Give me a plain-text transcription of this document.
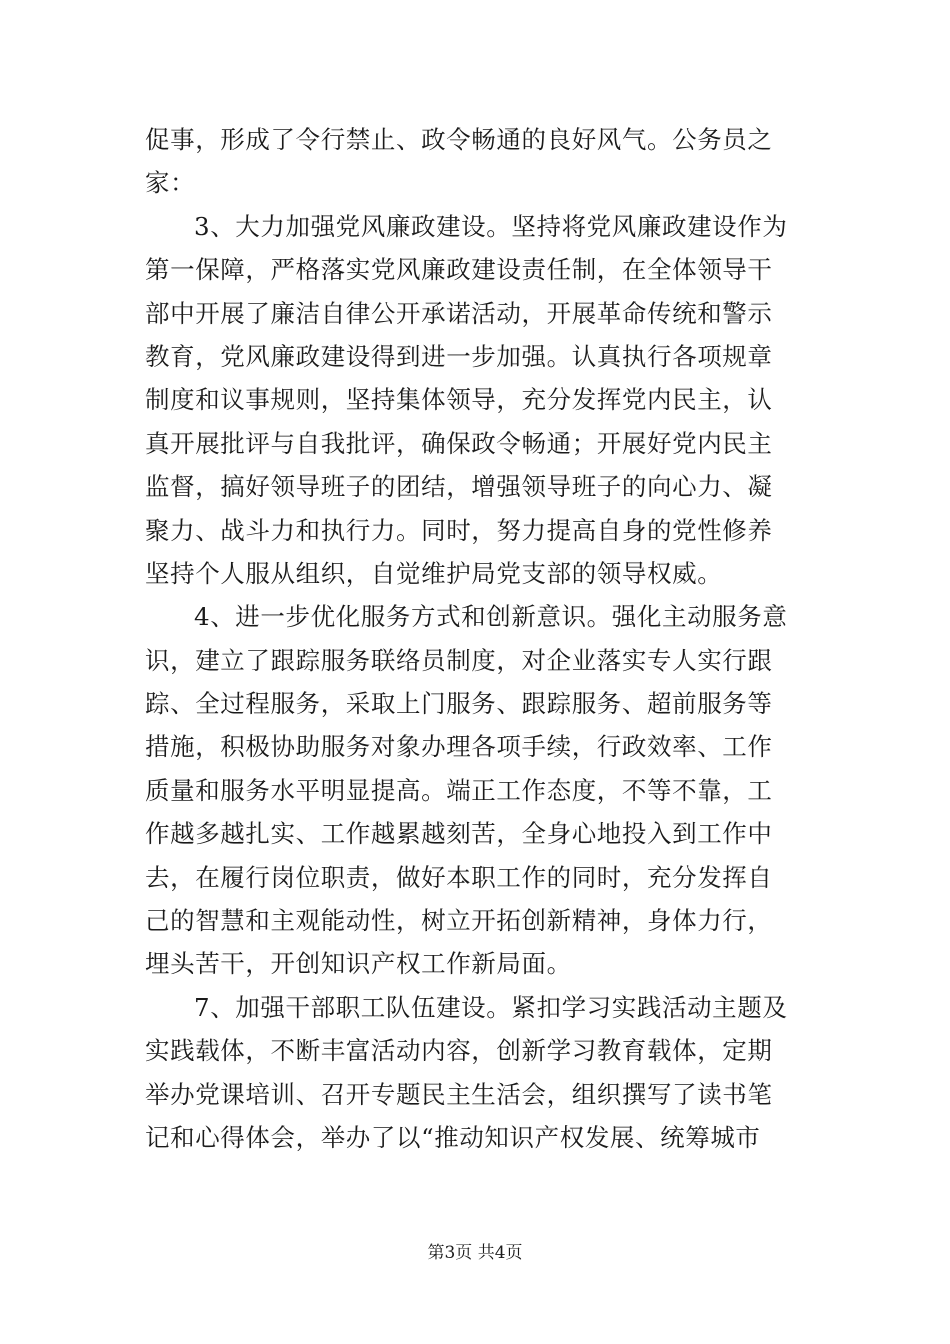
促事，形成了令行禁止、政令畅通的良好风气。公务员之
家：
3、大力加强党风廉政建设。坚持将党风廉政建设作为
第一保障，严格落实党风廉政建设责任制，在全体领导干
部中开展了廉洁自律公开承诺活动，开展革命传统和警示
教育，党风廉政建设得到进一步加强。认真执行各项规章
制度和议事规则，坚持集体领导，充分发挥党内民主，认
真开展批评与自我批评，确保政令畅通；开展好党内民主
监督，搞好领导班子的团结，增强领导班子的向心力、凝
聚力、战斗力和执行力。同时，努力提高自身的党性修养
坚持个人服从组织，自觉维护局党支部的领导权威。
4、进一步优化服务方式和创新意识。强化主动服务意
识，建立了跟踪服务联络员制度，对企业落实专人实行跟
踪、全过程服务，采取上门服务、跟踪服务、超前服务等
措施，积极协助服务对象办理各项手续，行政效率、工作
质量和服务水平明显提高。端正工作态度，不等不靠，工
作越多越扎实、工作越累越刻苦，全身心地投入到工作中
去，在履行岗位职责，做好本职工作的同时，充分发挥自
己的智慧和主观能动性，树立开拓创新精神，身体力行，
埋头苦干，开创知识产权工作新局面。
7、加强干部职工队伍建设。紧扣学习实践活动主题及
实践载体，不断丰富活动内容，创新学习教育载体，定期
举办党课培训、召开专题民主生活会，组织撰写了读书笔
记和心得体会，举办了以“推动知识产权发展、统筹城市
第3页 共4页
